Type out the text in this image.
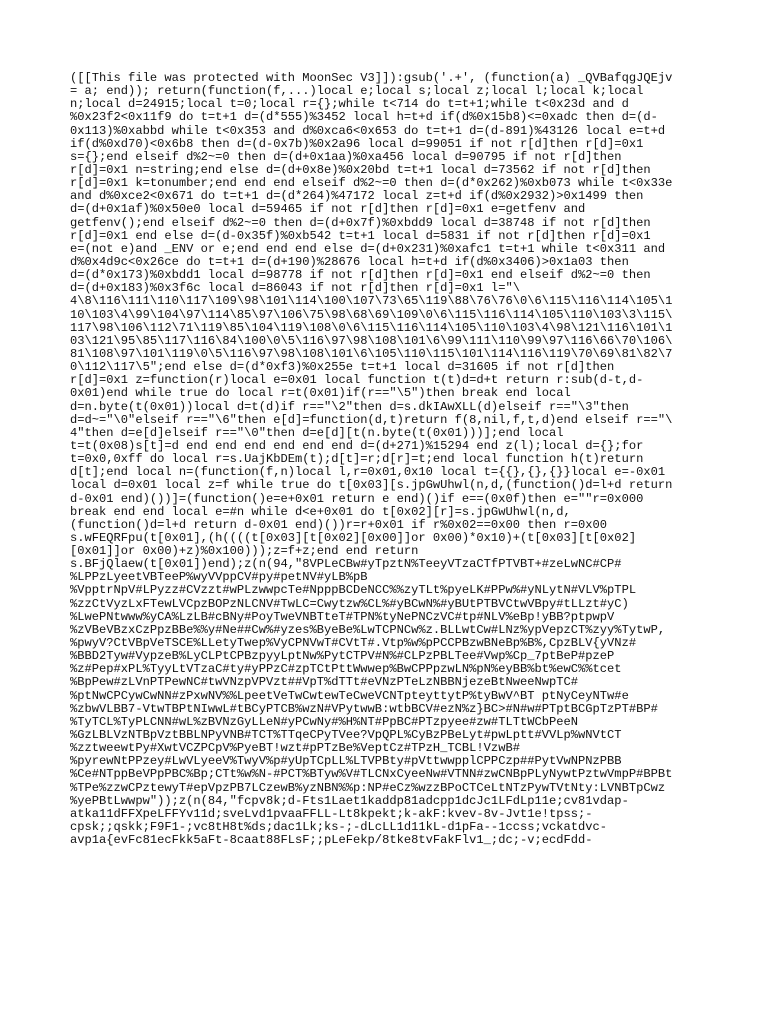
([[This file was protected with MoonSec V3]]):gsub('.+', (function(a) _QVBafqgJQEjv
= a; end)); return(function(f,...)local e;local s;local z;local l;local k;local
n;local d=24915;local t=0;local r={};while t<714 do t=t+1;while t<0x23d and d
%0x23f2<0x11f9 do t=t+1 d=(d*555)%3452 local h=t+d if(d%0x15b8)<=0xadc then d=(d-
0x113)%0xabbd while t<0x353 and d%0xca6<0x653 do t=t+1 d=(d-891)%43126 local e=t+d
if(d%0xd70)<0x6b8 then d=(d-0x7b)%0x2a96 local d=99051 if not r[d]then r[d]=0x1
s={};end elseif d%2~=0 then d=(d+0x1aa)%0xa456 local d=90795 if not r[d]then
r[d]=0x1 n=string;end else d=(d+0x8e)%0x20bd t=t+1 local d=73562 if not r[d]then
r[d]=0x1 k=tonumber;end end end elseif d%2~=0 then d=(d*0x262)%0xb073 while t<0x33e
and d%0xce2<0x671 do t=t+1 d=(d*264)%47172 local z=t+d if(d%0x2932)>0x1499 then
d=(d+0x1af)%0x50e0 local d=59465 if not r[d]then r[d]=0x1 e=getfenv and
getfenv();end elseif d%2~=0 then d=(d+0x7f)%0xbdd9 local d=38748 if not r[d]then
r[d]=0x1 end else d=(d-0x35f)%0xb542 t=t+1 local d=5831 if not r[d]then r[d]=0x1
e=(not e)and _ENV or e;end end end else d=(d+0x231)%0xafc1 t=t+1 while t<0x311 and
d%0x4d9c<0x26ce do t=t+1 d=(d+190)%28676 local h=t+d if(d%0x3406)>0x1a03 then
d=(d*0x173)%0xbdd1 local d=98778 if not r[d]then r[d]=0x1 end elseif d%2~=0 then
d=(d+0x183)%0x3f6c local d=86043 if not r[d]then r[d]=0x1 l="\
4\8\116\111\110\117\109\98\101\114\100\107\73\65\119\88\76\76\0\6\115\116\114\105\1
10\103\4\99\104\97\114\85\97\106\75\98\68\69\109\0\6\115\116\114\105\110\103\3\115\
117\98\106\112\71\119\85\104\119\108\0\6\115\116\114\105\110\103\4\98\121\116\101\1
03\121\95\85\117\116\84\100\0\5\116\97\98\108\101\6\99\111\110\99\97\116\66\70\106\
81\108\97\101\119\0\5\116\97\98\108\101\6\105\110\115\101\114\116\119\70\69\81\82\7
0\112\117\5";end else d=(d*0xf3)%0x255e t=t+1 local d=31605 if not r[d]then
r[d]=0x1 z=function(r)local e=0x01 local function t(t)d=d+t return r:sub(d-t,d-
0x01)end while true do local r=t(0x01)if(r=="\5")then break end local
d=n.byte(t(0x01))local d=t(d)if r=="\2"then d=s.dkIAwXLL(d)elseif r=="\3"then
d=d~="\0"elseif r=="\6"then e[d]=function(d,t)return f(8,nil,f,t,d)end elseif r=="\
4"then d=e[d]elseif r=="\0"then d=e[d][t(n.byte(t(0x01)))];end local
t=t(0x08)s[t]=d end end end end end end d=(d+271)%15294 end z(l);local d={};for
t=0x0,0xff do local r=s.UajKbDEm(t);d[t]=r;d[r]=t;end local function h(t)return
d[t];end local n=(function(f,n)local l,r=0x01,0x10 local t={{},{},{}}local e=-0x01
local d=0x01 local z=f while true do t[0x03][s.jpGwUhwl(n,d,(function()d=l+d return
d-0x01 end)())]=(function()e=e+0x01 return e end)()if e==(0x0f)then e=""r=0x000
break end end local e=#n while d<e+0x01 do t[0x02][r]=s.jpGwUhwl(n,d,
(function()d=l+d return d-0x01 end)())r=r+0x01 if r%0x02==0x00 then r=0x00
s.wFEQRFpu(t[0x01],(h((((t[0x03][t[0x02][0x00]]or 0x00)*0x10)+(t[0x03][t[0x02]
[0x01]]or 0x00)+z)%0x100)));z=f+z;end end return
s.BFjQlaew(t[0x01])end);z(n(94,"8VPLeCBw#yTpztN%TeeyVTzaCTfPTVBT+#zeLwNC#CP#
%LPPzLyeetVBTeeP%wyVVppCV#py#petNV#yLB%pB
%VpptrNpV#LPyzz#CVzzt#wPLzwwpcTe#NpppBCDeNCC%%zyTLt%pyeLK#PPw%#yNLytN#VLV%pTPL
%zzCtVyzLxFTewLVCpzBOPzNLCNV#TwLC=Cwytzw%CL%#yBCwN%#yBUtPTBVCtwVBpy#tLLzt#yC)
%LwePNtwww%yCA%LzLB#cBNy#PoyTweVNBTteT#TPN%tyNePNCzVC#tp#NLV%eBp!yBB?ptpwpV
%zVBeVBzxCzPpzBBe%%y#Ne##Cw%#yzes%ByeBe%LwTCPNCw%z.BLLwtCw#LNz%ypVepzCT%zyy%TytwP,
%pwyV?CtVBpVeTSCE%LLetyTwep%VyCPNVwT#CVtT#.Vtp%w%pPCCPBzwBNeBp%B%,CpzBLV{yVNz#
%BBD2Tyw#VypzeB%LyCLPtCPBzpyyLptNw%PytCTPV#N%#CLPzPBLTee#Vwp%Cp_7ptBeP#pzeP
%z#Pep#xPL%TyyLtVTzaC#ty#yPPzC#zpTCtPttWwwep%BwCPPpzwLN%pN%eyBB%bt%ewC%%tcet
%BpPew#zLVnPTPewNC#twVNzpVPVzt##VpT%dTTt#eVNzPTeLzNBBNjezeBtNweeNwpTC#
%ptNwCPCywCwNN#zPxwNV%%LpeetVeTwCwtewTeCweVCNTpteyttytP%tyBwV^BT ptNyCeyNTw#e
%zbwVLBB7-VtwTBPtNIwwL#tBCyPTCB%wzN#VPytwwB:wtbBCV#ezN%z}BC>#N#w#PTptBCGpTzPT#BP#
%TyTCL%TyPLCNN#wL%zBVNzGyLLeN#yPCwNy#%H%NT#PpBC#PTzpyee#zw#TLTtWCbPeeN
%GzLBLVzNTBpVztBBLNPyVNB#TCT%TTqeCPyTVee?VpQPL%CyBzPBeLyt#pwLptt#VVLp%wNVtCT
%zztweewtPy#XwtVCZPCpV%PyeBT!wzt#pPTzBe%VeptCz#TPzH_TCBL!VzwB#
%pyrewNtPPzey#LwVLyeeV%TwyV%p#yUpTCpLL%LTVPBty#pVttwwpplCPPCzp##PytVwNPNzPBB
%Ce#NTppBeVPpPBC%Bp;CTt%w%N-#PCT%BTyw%V#TLCNxCyeeNw#VTNN#zwCNBpPLyNywtPztwVmpP#BPBt
%TPe%zzwCPztewyT#epVpzPB7LCzewB%yzNBN%%p:NP#eCz%wzzBPoCTCeLtNTzPywTVtNty:LVNBTpCwz
%yePBtLwwpw"));z(n(84,"fcpv8k;d-Fts1Laet1kaddp81adcpp1dcJc1LFdLp11e;cv81vdap-
atka11dFFXpeLFFYv11d;sveLvd1pvaaFFLL-Lt8kpekt;k-akF:kvev-8v-Jvt1e!tpss;-
cpsk;;qskk;F9F1-;vc8tH8t%ds;dac1Lk;ks-;-dLcLL1d11kL-d1pFa--1ccss;vckatdvc-
avp1a{evFc81ecFkk5aFt-8caat88FLsF;;pLeFekp/8tke8tvFakFlv1_;dc;-v;ecdFdd-
